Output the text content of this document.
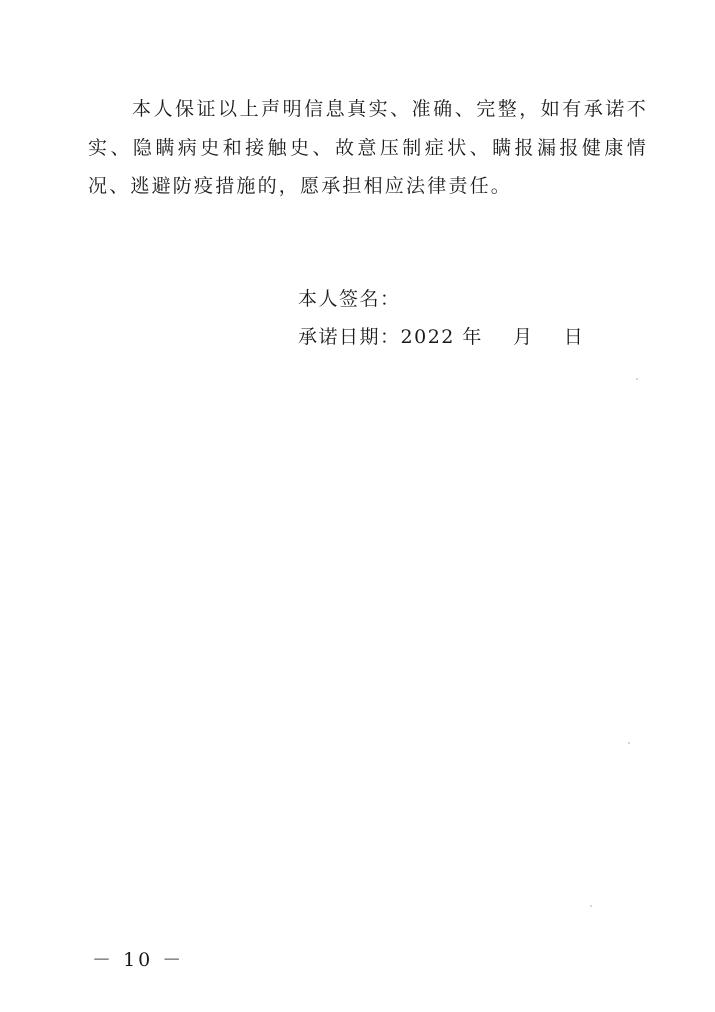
本人保证以上声明信息真实、准确、完整，如有承诺不实、隐瞒病史和接触史、故意压制症状、瞒报漏报健康情况、逃避防疫措施的，愿承担相应法律责任。

本人签名：
承诺日期：2022 年 月 日
－ 10 －
